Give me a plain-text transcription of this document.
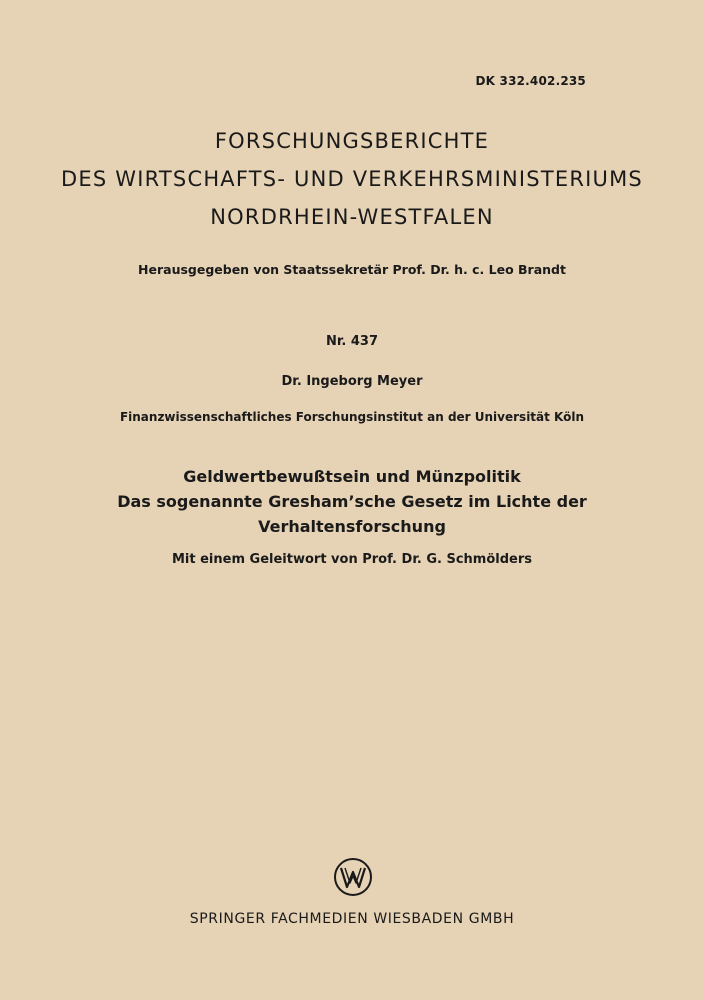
DK 332.402.235
FORSCHUNGSBERICHTE
DES WIRTSCHAFTS- UND VERKEHRSMINISTERIUMS
NORDRHEIN-WESTFALEN
Herausgegeben von Staatssekretär Prof. Dr. h. c. Leo Brandt
Nr. 437
Dr. Ingeborg Meyer
Finanzwissenschaftliches Forschungsinstitut an der Universität Köln
Geldwertbewußtsein und Münzpolitik
Das sogenannte Gresham’sche Gesetz im Lichte der
Verhaltensforschung
Mit einem Geleitwort von Prof. Dr. G. Schmölders
SPRINGER FACHMEDIEN WIESBADEN GMBH
